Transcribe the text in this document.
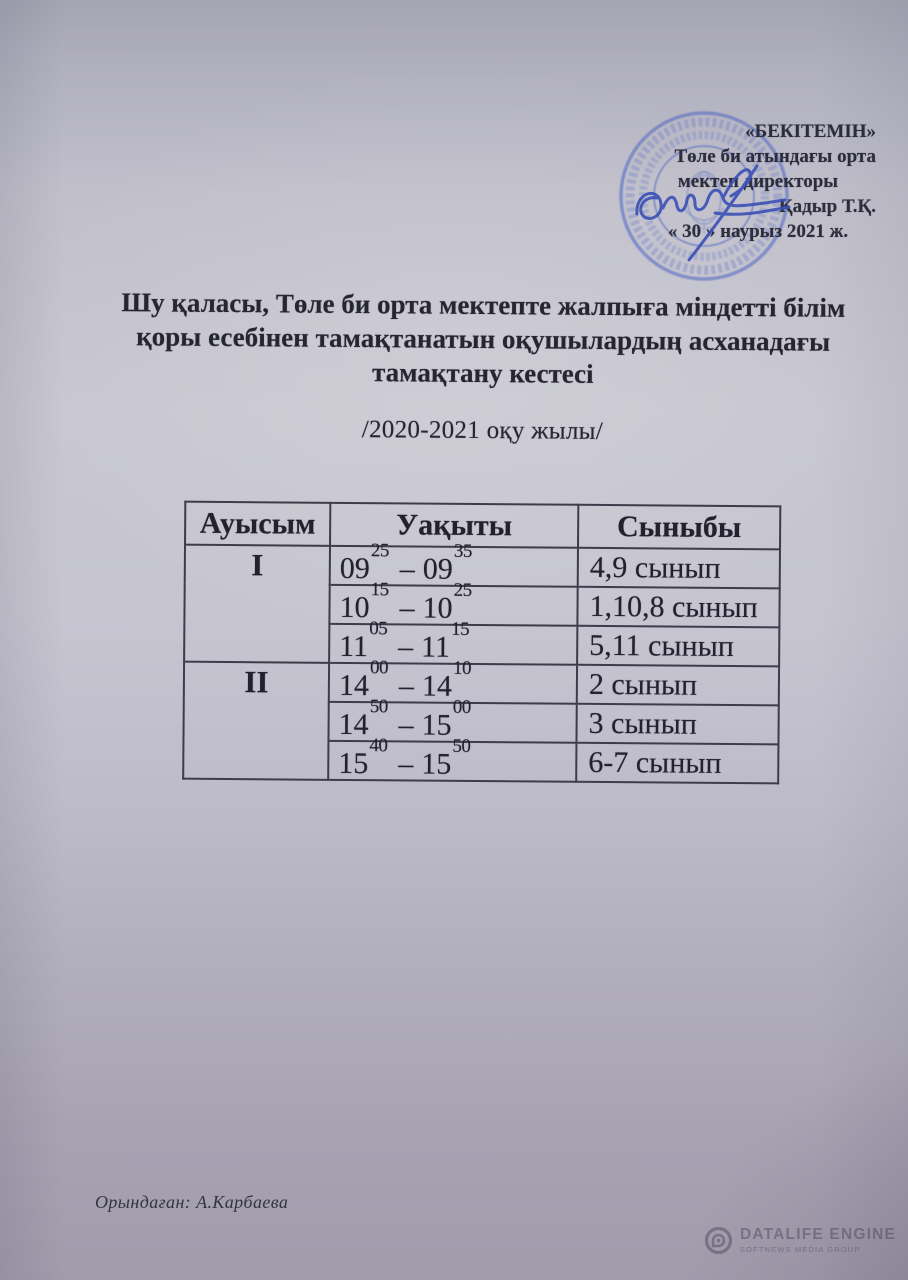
«БЕКІТЕМІН»
Төле би атындағы орта
мектеп директоры
Қадыр Т.Қ.
« 30 » наурыз 2021 ж.
Шу қаласы, Төле би орта мектепте жалпыға міндетті білім
қоры есебінен тамақтанатын оқушылардың асханадағы
тамақтану кестесі
/2020-2021 оқу жылы/
Ауысым	Уақыты	Сыныбы
I	$09^{25}-$ $09^{35}$	4,9 сынып
	$10^{15}-$ $10^{25}$	1,10,8 сынып
	$11^{05}-$ $11^{15}$	5,11 сынып
II	$14^{00}-$ $14^{10}$	2 сынып
	$14^{50}-$ $15^{00}$	3 сынып
	$15^{40}-$ $15^{50}$	6-7 сынып
Орындаған: А.Карбаева
DATALIFE ENGINE
SOFTNEWS MEDIA GROUP
